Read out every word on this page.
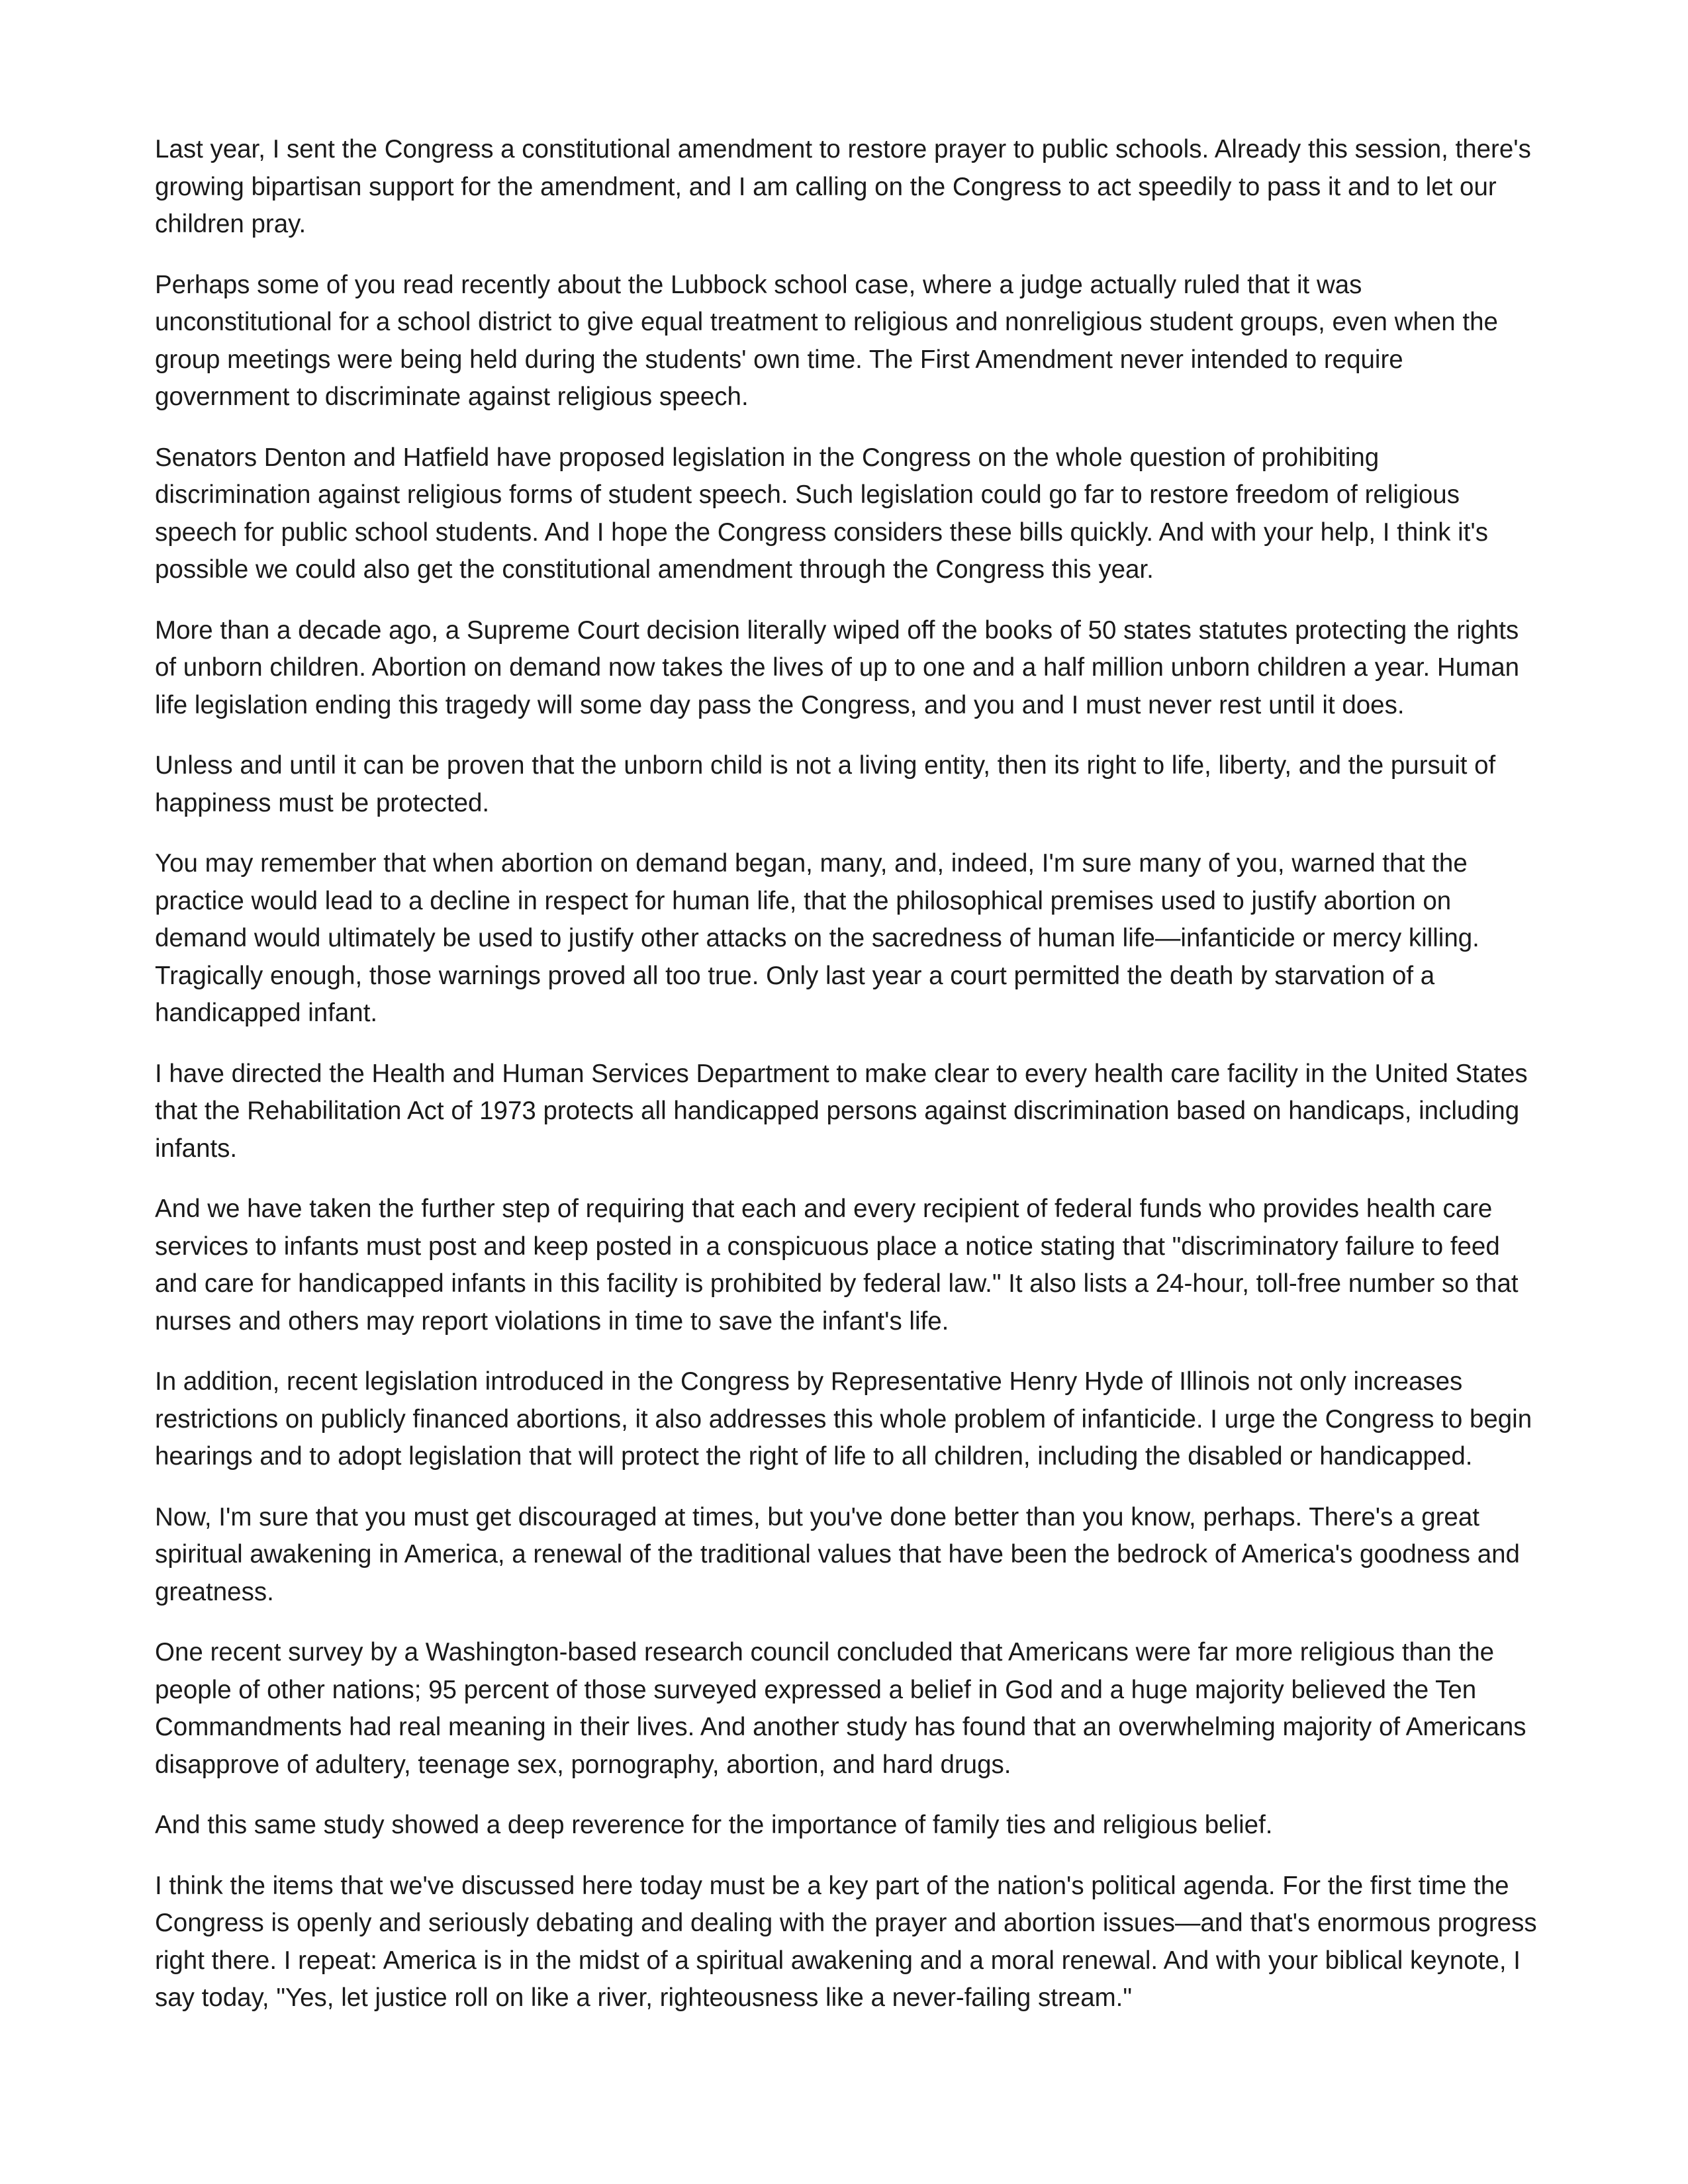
Last year, I sent the Congress a constitutional amendment to restore prayer to public schools. Already this session, there's growing bipartisan support for the amendment, and I am calling on the Congress to act speedily to pass it and to let our children pray.

Perhaps some of you read recently about the Lubbock school case, where a judge actually ruled that it was unconstitutional for a school district to give equal treatment to religious and nonreligious student groups, even when the group meetings were being held during the students' own time. The First Amendment never intended to require government to discriminate against religious speech.

Senators Denton and Hatfield have proposed legislation in the Congress on the whole question of prohibiting discrimination against religious forms of student speech. Such legislation could go far to restore freedom of religious speech for public school students. And I hope the Congress considers these bills quickly. And with your help, I think it's possible we could also get the constitutional amendment through the Congress this year.

More than a decade ago, a Supreme Court decision literally wiped off the books of 50 states statutes protecting the rights of unborn children. Abortion on demand now takes the lives of up to one and a half million unborn children a year. Human life legislation ending this tragedy will some day pass the Congress, and you and I must never rest until it does.

Unless and until it can be proven that the unborn child is not a living entity, then its right to life, liberty, and the pursuit of happiness must be protected.

You may remember that when abortion on demand began, many, and, indeed, I'm sure many of you, warned that the practice would lead to a decline in respect for human life, that the philosophical premises used to justify abortion on demand would ultimately be used to justify other attacks on the sacredness of human life—infanticide or mercy killing. Tragically enough, those warnings proved all too true. Only last year a court permitted the death by starvation of a handicapped infant.

I have directed the Health and Human Services Department to make clear to every health care facility in the United States that the Rehabilitation Act of 1973 protects all handicapped persons against discrimination based on handicaps, including infants.

And we have taken the further step of requiring that each and every recipient of federal funds who provides health care services to infants must post and keep posted in a conspicuous place a notice stating that "discriminatory failure to feed and care for handicapped infants in this facility is prohibited by federal law." It also lists a 24-hour, toll-free number so that nurses and others may report violations in time to save the infant's life.

In addition, recent legislation introduced in the Congress by Representative Henry Hyde of Illinois not only increases restrictions on publicly financed abortions, it also addresses this whole problem of infanticide. I urge the Congress to begin hearings and to adopt legislation that will protect the right of life to all children, including the disabled or handicapped.

Now, I'm sure that you must get discouraged at times, but you've done better than you know, perhaps. There's a great spiritual awakening in America, a renewal of the traditional values that have been the bedrock of America's goodness and greatness.

One recent survey by a Washington-based research council concluded that Americans were far more religious than the people of other nations; 95 percent of those surveyed expressed a belief in God and a huge majority believed the Ten Commandments had real meaning in their lives. And another study has found that an overwhelming majority of Americans disapprove of adultery, teenage sex, pornography, abortion, and hard drugs.

And this same study showed a deep reverence for the importance of family ties and religious belief.

I think the items that we've discussed here today must be a key part of the nation's political agenda. For the first time the Congress is openly and seriously debating and dealing with the prayer and abortion issues—and that's enormous progress right there. I repeat: America is in the midst of a spiritual awakening and a moral renewal. And with your biblical keynote, I say today, "Yes, let justice roll on like a river, righteousness like a never-failing stream."
